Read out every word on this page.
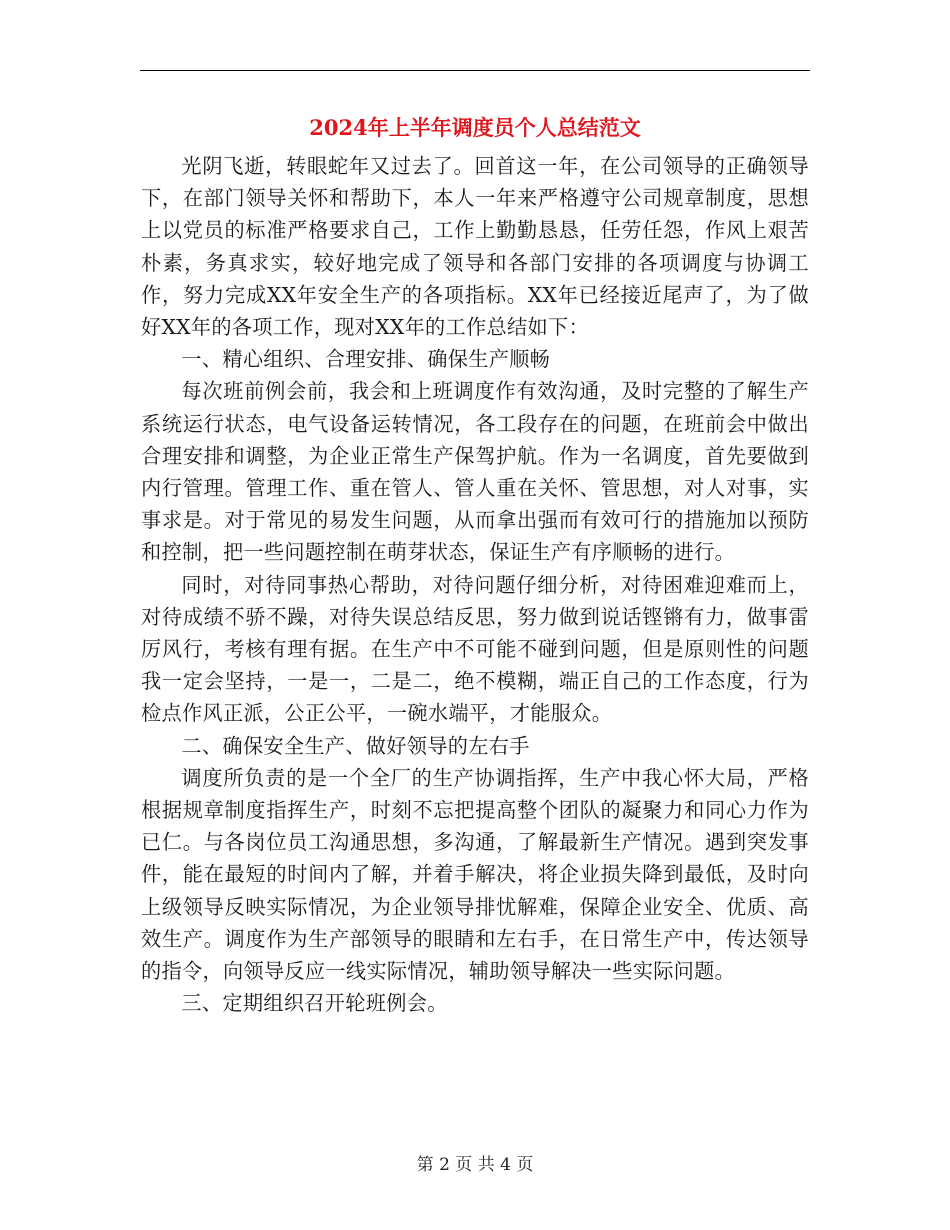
2024年上半年调度员个人总结范文

光阴飞逝，转眼蛇年又过去了。回首这一年，在公司领导的正确领导下，在部门领导关怀和帮助下，本人一年来严格遵守公司规章制度，思想上以党员的标准严格要求自己，工作上勤勤恳恳，任劳任怨，作风上艰苦朴素，务真求实，较好地完成了领导和各部门安排的各项调度与协调工作，努力完成XX年安全生产的各项指标。XX年已经接近尾声了，为了做好XX年的各项工作，现对XX年的工作总结如下：

一、精心组织、合理安排、确保生产顺畅

每次班前例会前，我会和上班调度作有效沟通，及时完整的了解生产系统运行状态，电气设备运转情况，各工段存在的问题，在班前会中做出合理安排和调整，为企业正常生产保驾护航。作为一名调度，首先要做到内行管理。管理工作、重在管人、管人重在关怀、管思想，对人对事，实事求是。对于常见的易发生问题，从而拿出强而有效可行的措施加以预防和控制，把一些问题控制在萌芽状态，保证生产有序顺畅的进行。

同时，对待同事热心帮助，对待问题仔细分析，对待困难迎难而上，对待成绩不骄不躁，对待失误总结反思，努力做到说话铿锵有力，做事雷厉风行，考核有理有据。在生产中不可能不碰到问题，但是原则性的问题我一定会坚持，一是一，二是二，绝不模糊，端正自己的工作态度，行为检点作风正派，公正公平，一碗水端平，才能服众。

二、确保安全生产、做好领导的左右手

调度所负责的是一个全厂的生产协调指挥，生产中我心怀大局，严格根据规章制度指挥生产，时刻不忘把提高整个团队的凝聚力和同心力作为已仁。与各岗位员工沟通思想，多沟通，了解最新生产情况。遇到突发事件，能在最短的时间内了解，并着手解决，将企业损失降到最低，及时向上级领导反映实际情况，为企业领导排忧解难，保障企业安全、优质、高效生产。调度作为生产部领导的眼睛和左右手，在日常生产中，传达领导的指令，向领导反应一线实际情况，辅助领导解决一些实际问题。

三、定期组织召开轮班例会。

第 2 页 共 4 页
